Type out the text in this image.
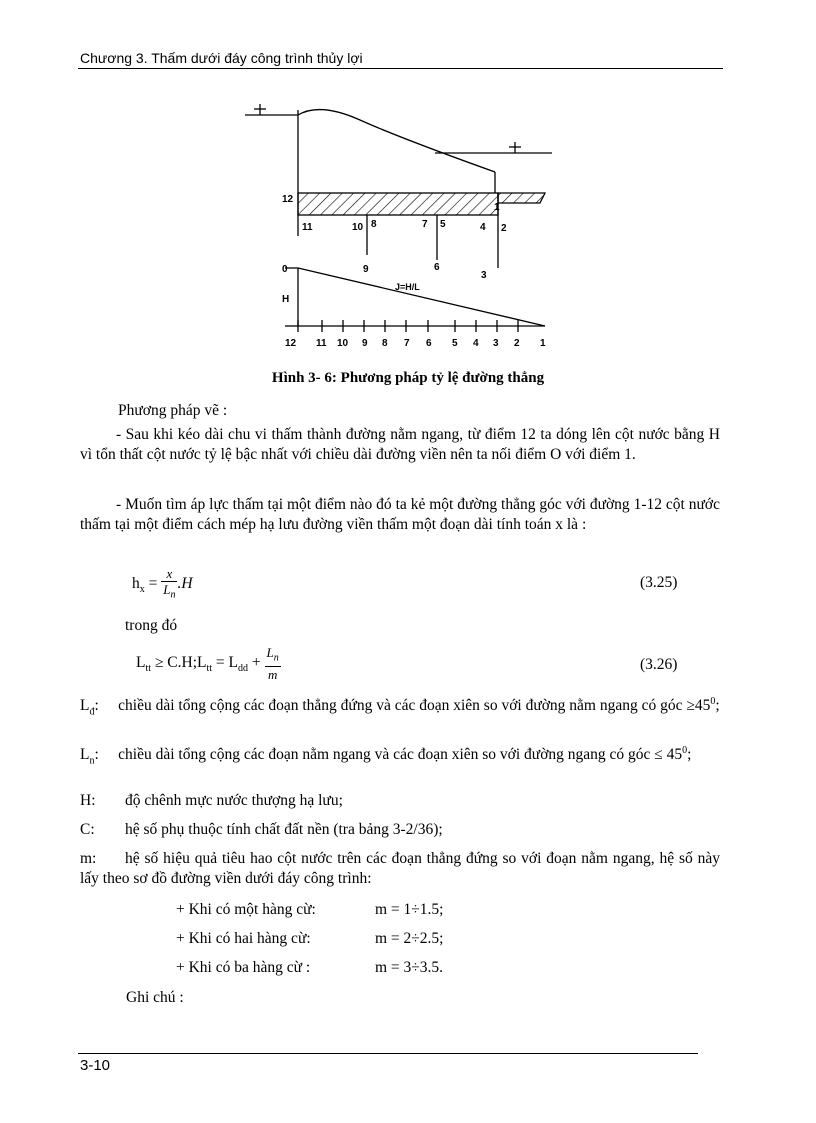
Chương 3. Thấm dưới đáy công trình thủy lợi
12
11	10 8	7 5	4 2
1
9	6
3
0
H
J=H/L
12 11 10 9 8 7 6 5 4 3 2 1
Hình 3- 6: Phương pháp tỷ lệ đường thẳng
Phương pháp vẽ :
- Sau khi kéo dài chu vi thấm thành đường nằm ngang, từ điểm 12 ta dóng lên cột nước bằng H vì tổn thất cột nước tỷ lệ bậc nhất với chiều dài đường viền nên ta nối điểm O với điểm 1.
- Muốn tìm áp lực thấm tại một điểm nào đó ta kẻ một đường thẳng góc với đường 1-12 cột nước thấm tại một điểm cách mép hạ lưu đường viền thấm một đoạn dài tính toán x là :
$h_x = \frac{x}{L_n} .H$	(3.25)
trong đó
$L_{tt}$ ≥ $C.H;L_{tt} = L_{dd} + \frac{L_n}{m}$	(3.26)
$L_đ$: chiều dài tổng cộng các đoạn thẳng đứng và các đoạn xiên so với đường nằm ngang có góc $\ge 45^0$;
$L_n$: chiều dài tổng cộng các đoạn nằm ngang và các đoạn xiên so với đường ngang có góc ≤ $45^0$;
H: độ chênh mực nước thượng hạ lưu;
C: hệ số phụ thuộc tính chất đất nền (tra bảng 3-2/36);
m: hệ số hiệu quả tiêu hao cột nước trên các đoạn thẳng đứng so với đoạn nằm ngang, hệ số này lấy theo sơ đồ đường viền dưới đáy công trình:
+ Khi có một hàng cừ:	m = 1÷1.5;
+ Khi có hai hàng cừ:	m = 2÷2.5;
+ Khi có ba hàng cừ :	m = 3÷3.5.
Ghi chú :
3-10
